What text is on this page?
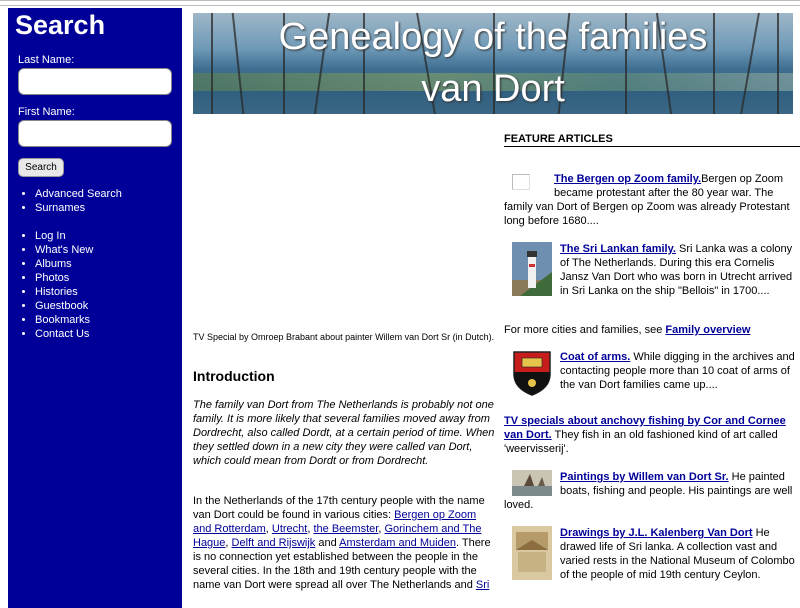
Search
Last Name:
First Name:
Search
• Advanced Search
• Surnames
• Log In
• What's New
• Albums
• Photos
• Histories
• Guestbook
• Bookmarks
• Contact Us
Genealogy of the families
van Dort
TV Special by Omroep Brabant about painter Willem van Dort Sr (in Dutch).
Introduction

The family van Dort from The Netherlands is probably not one family. It is more likely that several families moved away from Dordrecht, also called Dordt, at a certain period of time. When they settled down in a new city they were called van Dort, which could mean from Dordt or from Dordrecht.

In the Netherlands of the 17th century people with the name van Dort could be found in various cities: Bergen op Zoom and Rotterdam, Utrecht, the Beemster, Gorinchem and The Hague, Delft and Rijswijk and Amsterdam and Muiden. There is no connection yet established between the people in the several cities. In the 18th and 19th century people with the name van Dort were spread all over The Netherlands and Sri

FEATURE ARTICLES
The Bergen op Zoom family.Bergen op Zoom became protestant after the 80 year war. The family van Dort of Bergen op Zoom was already Protestant long before 1680....
The Sri Lankan family. Sri Lanka was a colony of The Netherlands. During this era Cornelis Jansz Van Dort who was born in Utrecht arrived in Sri Lanka on the ship "Bellois" in 1700....
For more cities and families, see Family overview
Coat of arms. While digging in the archives and contacting people more than 10 coat of arms of the van Dort families came up....
TV specials about anchovy fishing by Cor and Cornee van Dort. They fish in an old fashioned kind of art called 'weervisserij'.
Paintings by Willem van Dort Sr. He painted boats, fishing and people. His paintings are well loved.
Drawings by J.L. Kalenberg Van Dort He drawed life of Sri lanka. A collection vast and varied rests in the National Museum of Colombo of the people of mid 19th century Ceylon.
